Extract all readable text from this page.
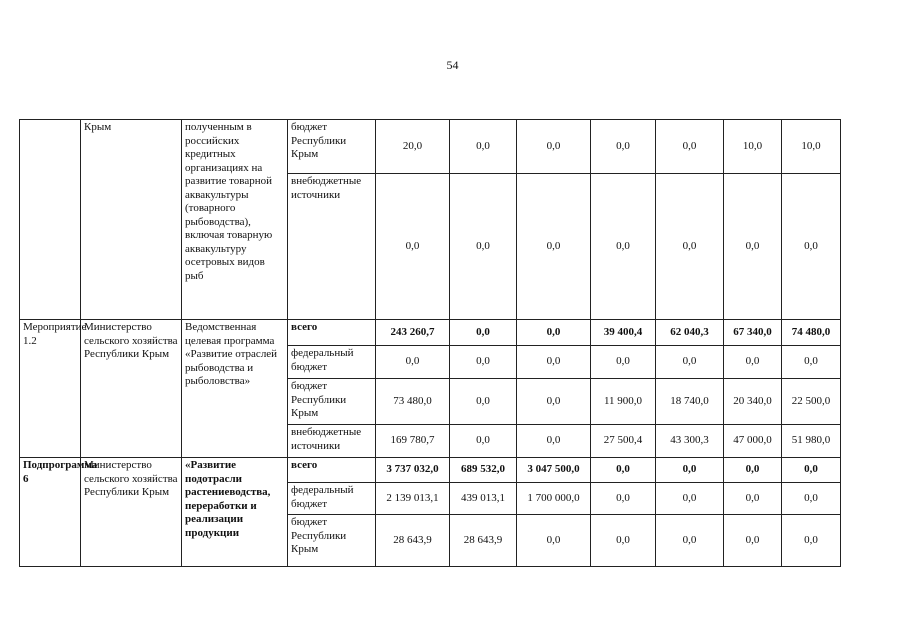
54
	Крым	полученным в российских кредитных организациях на развитие товарной аквакультуры (товарного рыбоводства), включая товарную аквакультуру осетровых видов рыб	бюджет Республики Крым	20,0	0,0	0,0	0,0	0,0	10,0	10,0
			внебюджетные источники	0,0	0,0	0,0	0,0	0,0	0,0	0,0
Мероприятие 1.2	Министерство сельского хозяйства Республики Крым	Ведомственная целевая программа «Развитие отраслей рыбоводства и рыболовства»	всего	243 260,7	0,0	0,0	39 400,4	62 040,3	67 340,0	74 480,0
			федеральный бюджет	0,0	0,0	0,0	0,0	0,0	0,0	0,0
			бюджет Республики Крым	73 480,0	0,0	0,0	11 900,0	18 740,0	20 340,0	22 500,0
			внебюджетные источники	169 780,7	0,0	0,0	27 500,4	43 300,3	47 000,0	51 980,0
Подпрограмма 6	Министерство сельского хозяйства Республики Крым	«Развитие подотрасли растениеводства, переработки и реализации продукции	всего	3 737 032,0	689 532,0	3 047 500,0	0,0	0,0	0,0	0,0
			федеральный бюджет	2 139 013,1	439 013,1	1 700 000,0	0,0	0,0	0,0	0,0
			бюджет Республики Крым	28 643,9	28 643,9	0,0	0,0	0,0	0,0	0,0
